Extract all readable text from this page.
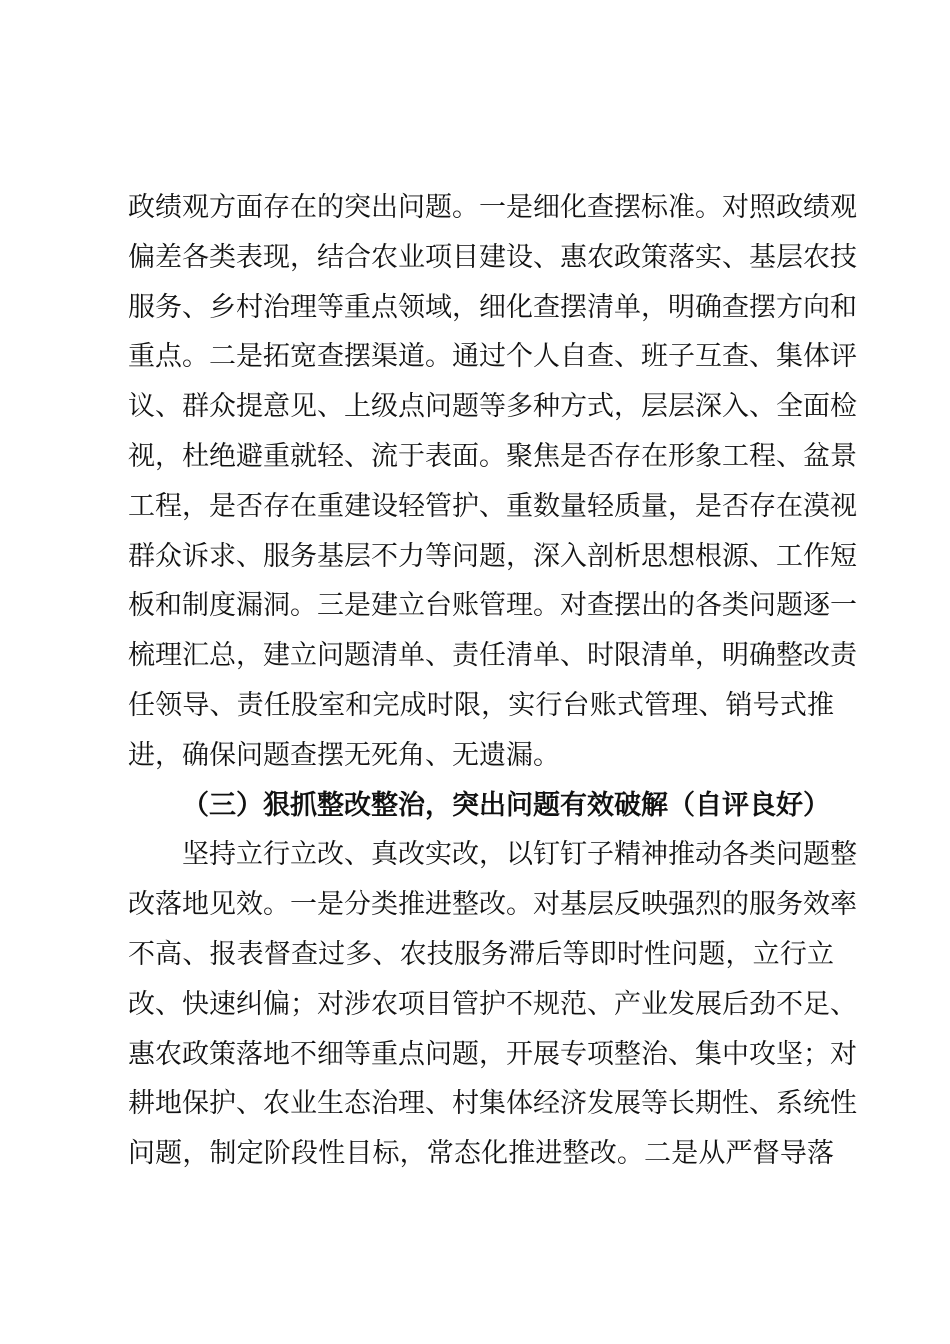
政绩观方面存在的突出问题。一是细化查摆标准。对照政绩观
偏差各类表现，结合农业项目建设、惠农政策落实、基层农技
服务、乡村治理等重点领域，细化查摆清单，明确查摆方向和
重点。二是拓宽查摆渠道。通过个人自查、班子互查、集体评
议、群众提意见、上级点问题等多种方式，层层深入、全面检
视，杜绝避重就轻、流于表面。聚焦是否存在形象工程、盆景
工程，是否存在重建设轻管护、重数量轻质量，是否存在漠视
群众诉求、服务基层不力等问题，深入剖析思想根源、工作短
板和制度漏洞。三是建立台账管理。对查摆出的各类问题逐一
梳理汇总，建立问题清单、责任清单、时限清单，明确整改责
任领导、责任股室和完成时限，实行台账式管理、销号式推
进，确保问题查摆无死角、无遗漏。
（三）狠抓整改整治，突出问题有效破解（自评良好）
坚持立行立改、真改实改，以钉钉子精神推动各类问题整
改落地见效。一是分类推进整改。对基层反映强烈的服务效率
不高、报表督查过多、农技服务滞后等即时性问题，立行立
改、快速纠偏；对涉农项目管护不规范、产业发展后劲不足、
惠农政策落地不细等重点问题，开展专项整治、集中攻坚；对
耕地保护、农业生态治理、村集体经济发展等长期性、系统性
问题，制定阶段性目标，常态化推进整改。二是从严督导落
